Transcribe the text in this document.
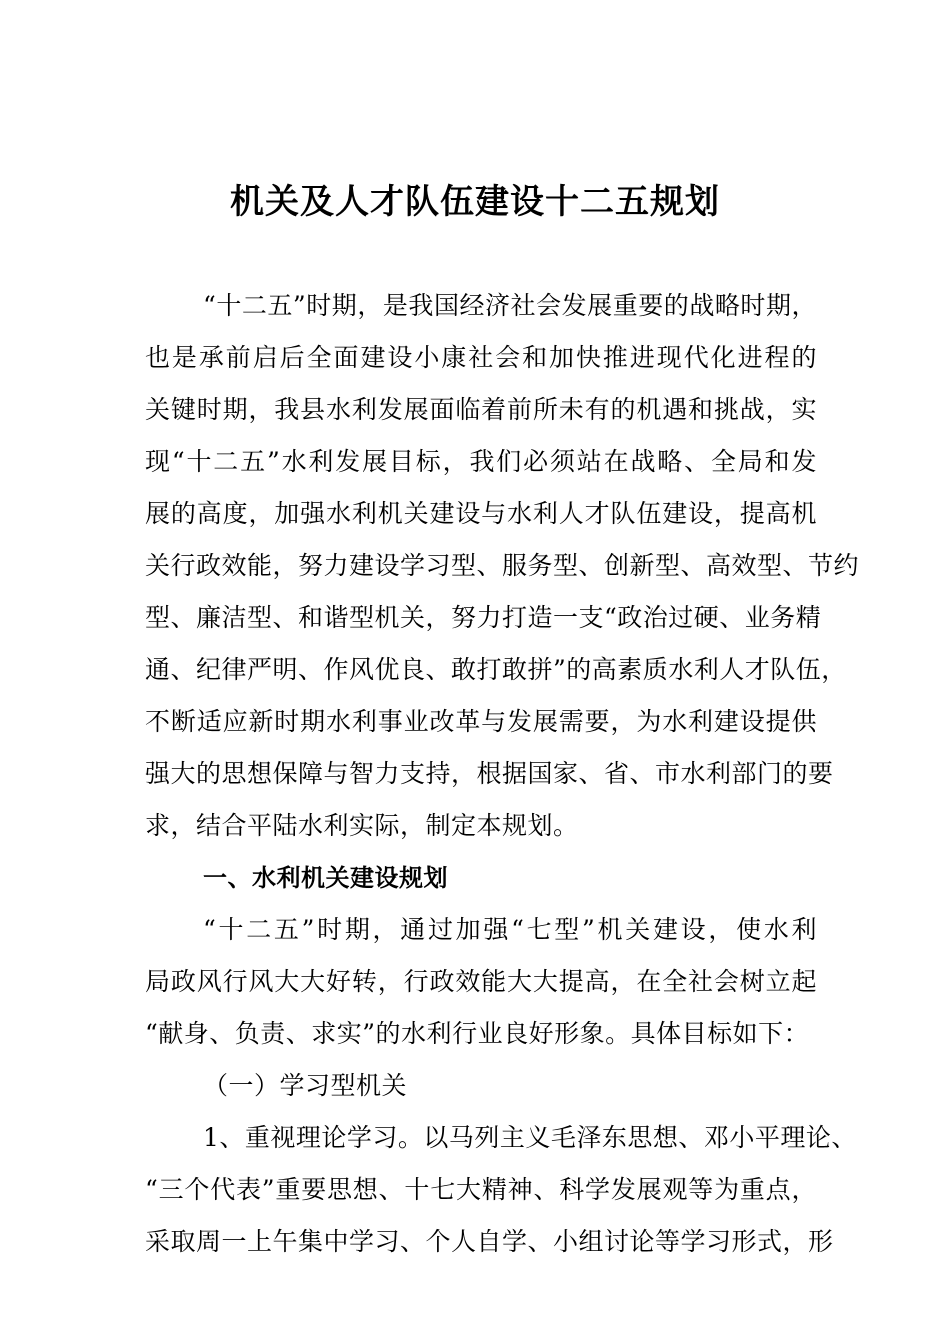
机关及人才队伍建设十二五规划
“十二五”时期，是我国经济社会发展重要的战略时期，
也是承前启后全面建设小康社会和加快推进现代化进程的
关键时期，我县水利发展面临着前所未有的机遇和挑战，实
现“十二五”水利发展目标，我们必须站在战略、全局和发
展的高度，加强水利机关建设与水利人才队伍建设，提高机
关行政效能，努力建设学习型、服务型、创新型、高效型、节约
型、廉洁型、和谐型机关，努力打造一支“政治过硬、业务精
通、纪律严明、作风优良、敢打敢拼”的高素质水利人才队伍，
不断适应新时期水利事业改革与发展需要，为水利建设提供
强大的思想保障与智力支持，根据国家、省、市水利部门的要
求，结合平陆水利实际，制定本规划。
一、水利机关建设规划
“十二五”时期，通过加强“七型”机关建设，使水利
局政风行风大大好转，行政效能大大提高，在全社会树立起
“献身、负责、求实”的水利行业良好形象。具体目标如下：
（一）学习型机关
1、重视理论学习。以马列主义毛泽东思想、邓小平理论、
“三个代表”重要思想、十七大精神、科学发展观等为重点，
采取周一上午集中学习、个人自学、小组讨论等学习形式，形
